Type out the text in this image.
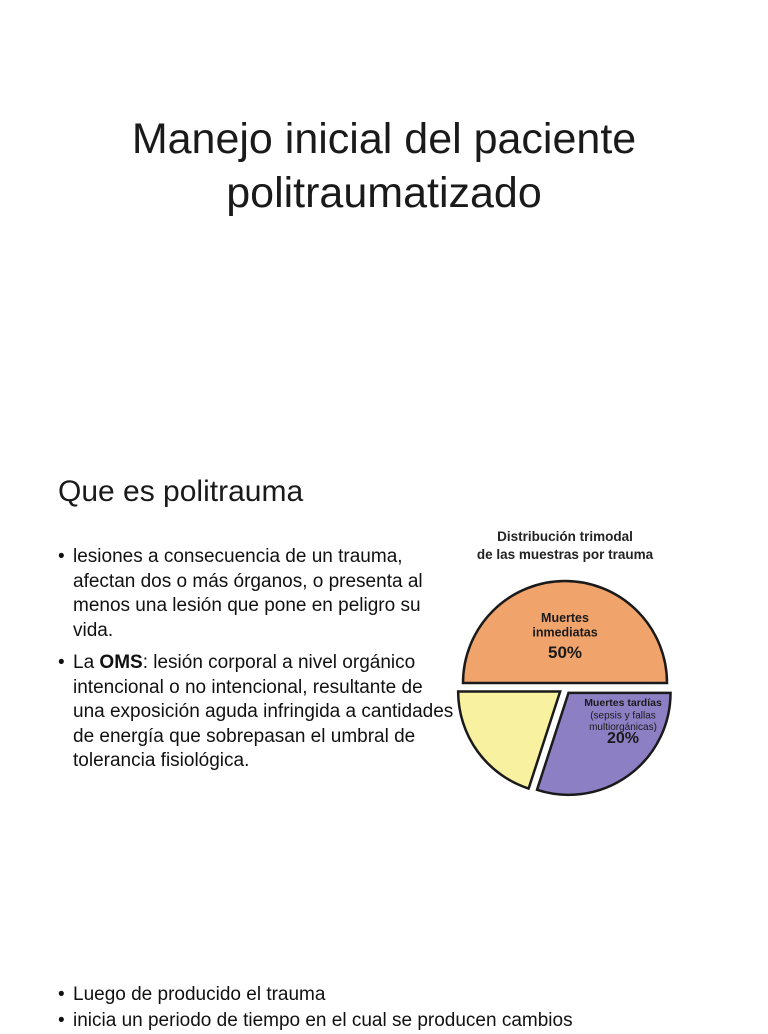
Manejo inicial del paciente
politraumatizado
Que es politrauma
• lesiones a consecuencia de un trauma, afectan dos o más órganos, o presenta al menos una lesión que pone en peligro su vida.
• La OMS: lesión corporal a nivel orgánico intencional o no intencional, resultante de una exposición aguda infringida a cantidades de energía que sobrepasan el umbral de tolerancia fisiológica.
Distribución trimodal
de las muestras por trauma
Muertes
inmediatas
50%
Muertes tardías
(sepsis y fallas
multiorgánicas)
20%
• Luego de producido el trauma
• inicia un periodo de tiempo en el cual se producen cambios
